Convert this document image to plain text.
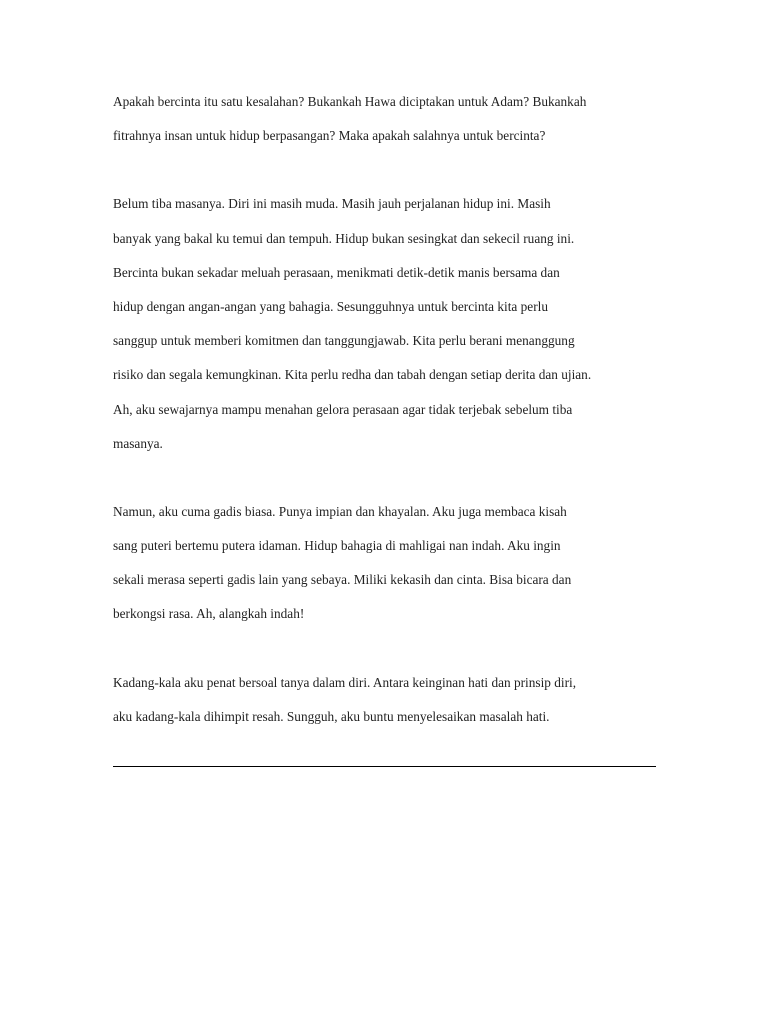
Apakah bercinta itu satu kesalahan? Bukankah Hawa diciptakan untuk Adam? Bukankah
fitrahnya insan untuk hidup berpasangan? Maka apakah salahnya untuk bercinta?
Belum tiba masanya. Diri ini masih muda. Masih jauh perjalanan hidup ini. Masih
banyak yang bakal ku temui dan tempuh. Hidup bukan sesingkat dan sekecil ruang ini.
Bercinta bukan sekadar meluah perasaan, menikmati detik-detik manis bersama dan
hidup dengan angan-angan yang bahagia. Sesungguhnya untuk bercinta kita perlu
sanggup untuk memberi komitmen dan tanggungjawab. Kita perlu berani menanggung
risiko dan segala kemungkinan. Kita perlu redha dan tabah dengan setiap derita dan ujian.
Ah, aku sewajarnya mampu menahan gelora perasaan agar tidak terjebak sebelum tiba
masanya.
Namun, aku cuma gadis biasa. Punya impian dan khayalan. Aku juga membaca kisah
sang puteri bertemu putera idaman. Hidup bahagia di mahligai nan indah. Aku ingin
sekali merasa seperti gadis lain yang sebaya. Miliki kekasih dan cinta. Bisa bicara dan
berkongsi rasa. Ah, alangkah indah!
Kadang-kala aku penat bersoal tanya dalam diri. Antara keinginan hati dan prinsip diri,
aku kadang-kala dihimpit resah. Sungguh, aku buntu menyelesaikan masalah hati.
